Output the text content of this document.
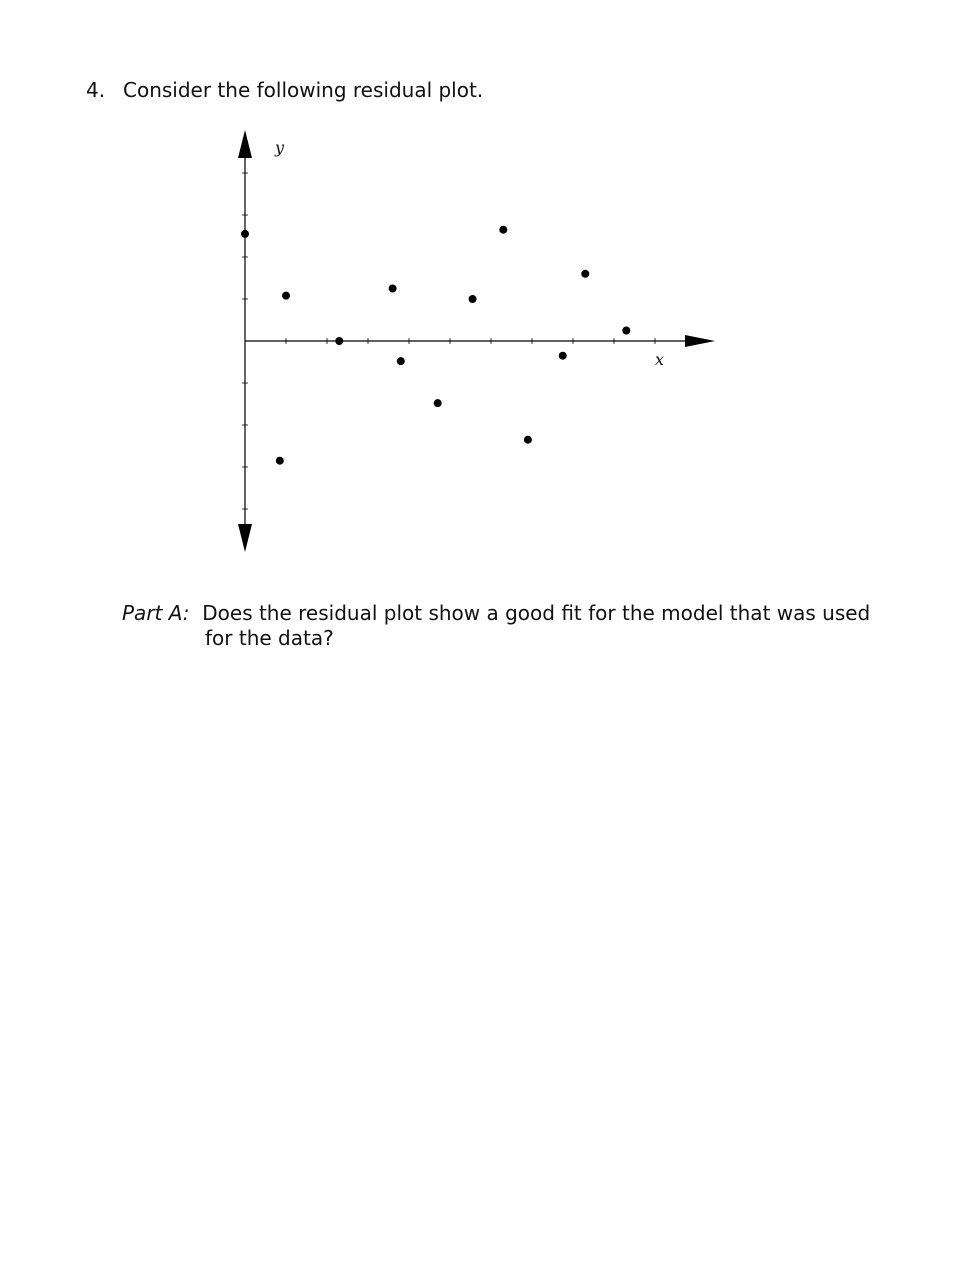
4. Consider the following residual plot.
y
x
Part A: Does the residual plot show a good fit for the model that was used
for the data?
